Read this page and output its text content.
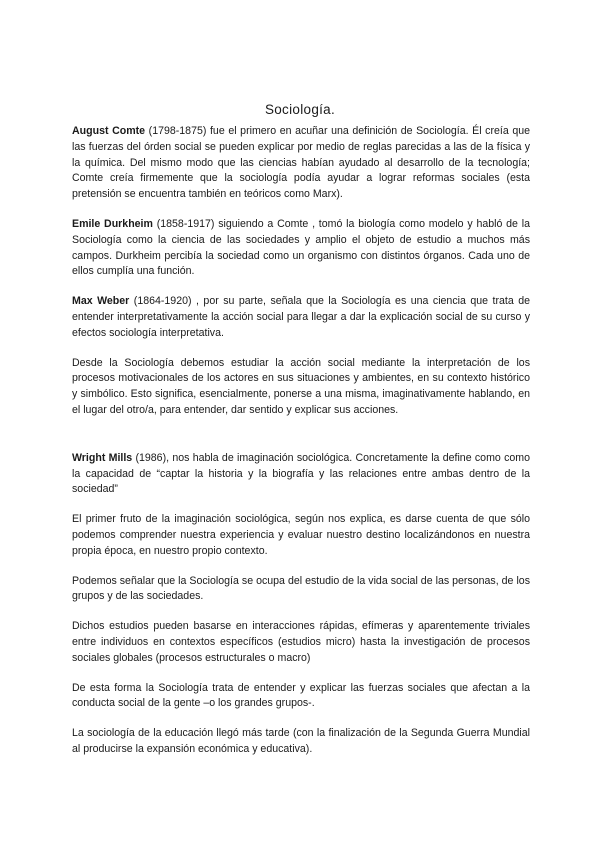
Sociología.

August Comte (1798-1875) fue el primero en acuñar una definición de Sociología. Él creía que las fuerzas del órden social se pueden explicar por medio de reglas parecidas a las de la física y la química. Del mismo modo que las ciencias habían ayudado al desarrollo de la tecnología; Comte creía firmemente que la sociología podía ayudar a lograr reformas sociales (esta pretensión se encuentra también en teóricos como Marx).

Emile Durkheim (1858-1917) siguiendo a Comte , tomó la biología como modelo y habló de la Sociología como la ciencia de las sociedades y amplio el objeto de estudio a muchos más campos. Durkheim percibía la sociedad como un organismo con distintos órganos. Cada uno de ellos cumplía una función.

Max Weber (1864-1920) , por su parte, señala que la Sociología es una ciencia que trata de entender interpretativamente la acción social para llegar a dar la explicación social de su curso y efectos sociología interpretativa.

Desde la Sociología debemos estudiar la acción social mediante la interpretación de los procesos motivacionales de los actores en sus situaciones y ambientes, en su contexto histórico y simbólico. Esto significa, esencialmente, ponerse a una misma, imaginativamente hablando, en el lugar del otro/a, para entender, dar sentido y explicar sus acciones.

Wright Mills (1986), nos habla de imaginación sociológica. Concretamente la define como como la capacidad de “captar la historia y la biografía y las relaciones entre ambas dentro de la sociedad”

El primer fruto de la imaginación sociológica, según nos explica, es darse cuenta de que sólo podemos comprender nuestra experiencia y evaluar nuestro destino localizándonos en nuestra propia época, en nuestro propio contexto.

Podemos señalar que la Sociología se ocupa del estudio de la vida social de las personas, de los grupos y de las sociedades.

Dichos estudios pueden basarse en interacciones rápidas, efímeras y aparentemente triviales entre individuos en contextos específicos (estudios micro) hasta la investigación de procesos sociales globales (procesos estructurales o macro)

De esta forma la Sociología trata de entender y explicar las fuerzas sociales que afectan a la conducta social de la gente –o los grandes grupos-.

La sociología de la educación llegó más tarde (con la finalización de la Segunda Guerra Mundial al producirse la expansión económica y educativa).
